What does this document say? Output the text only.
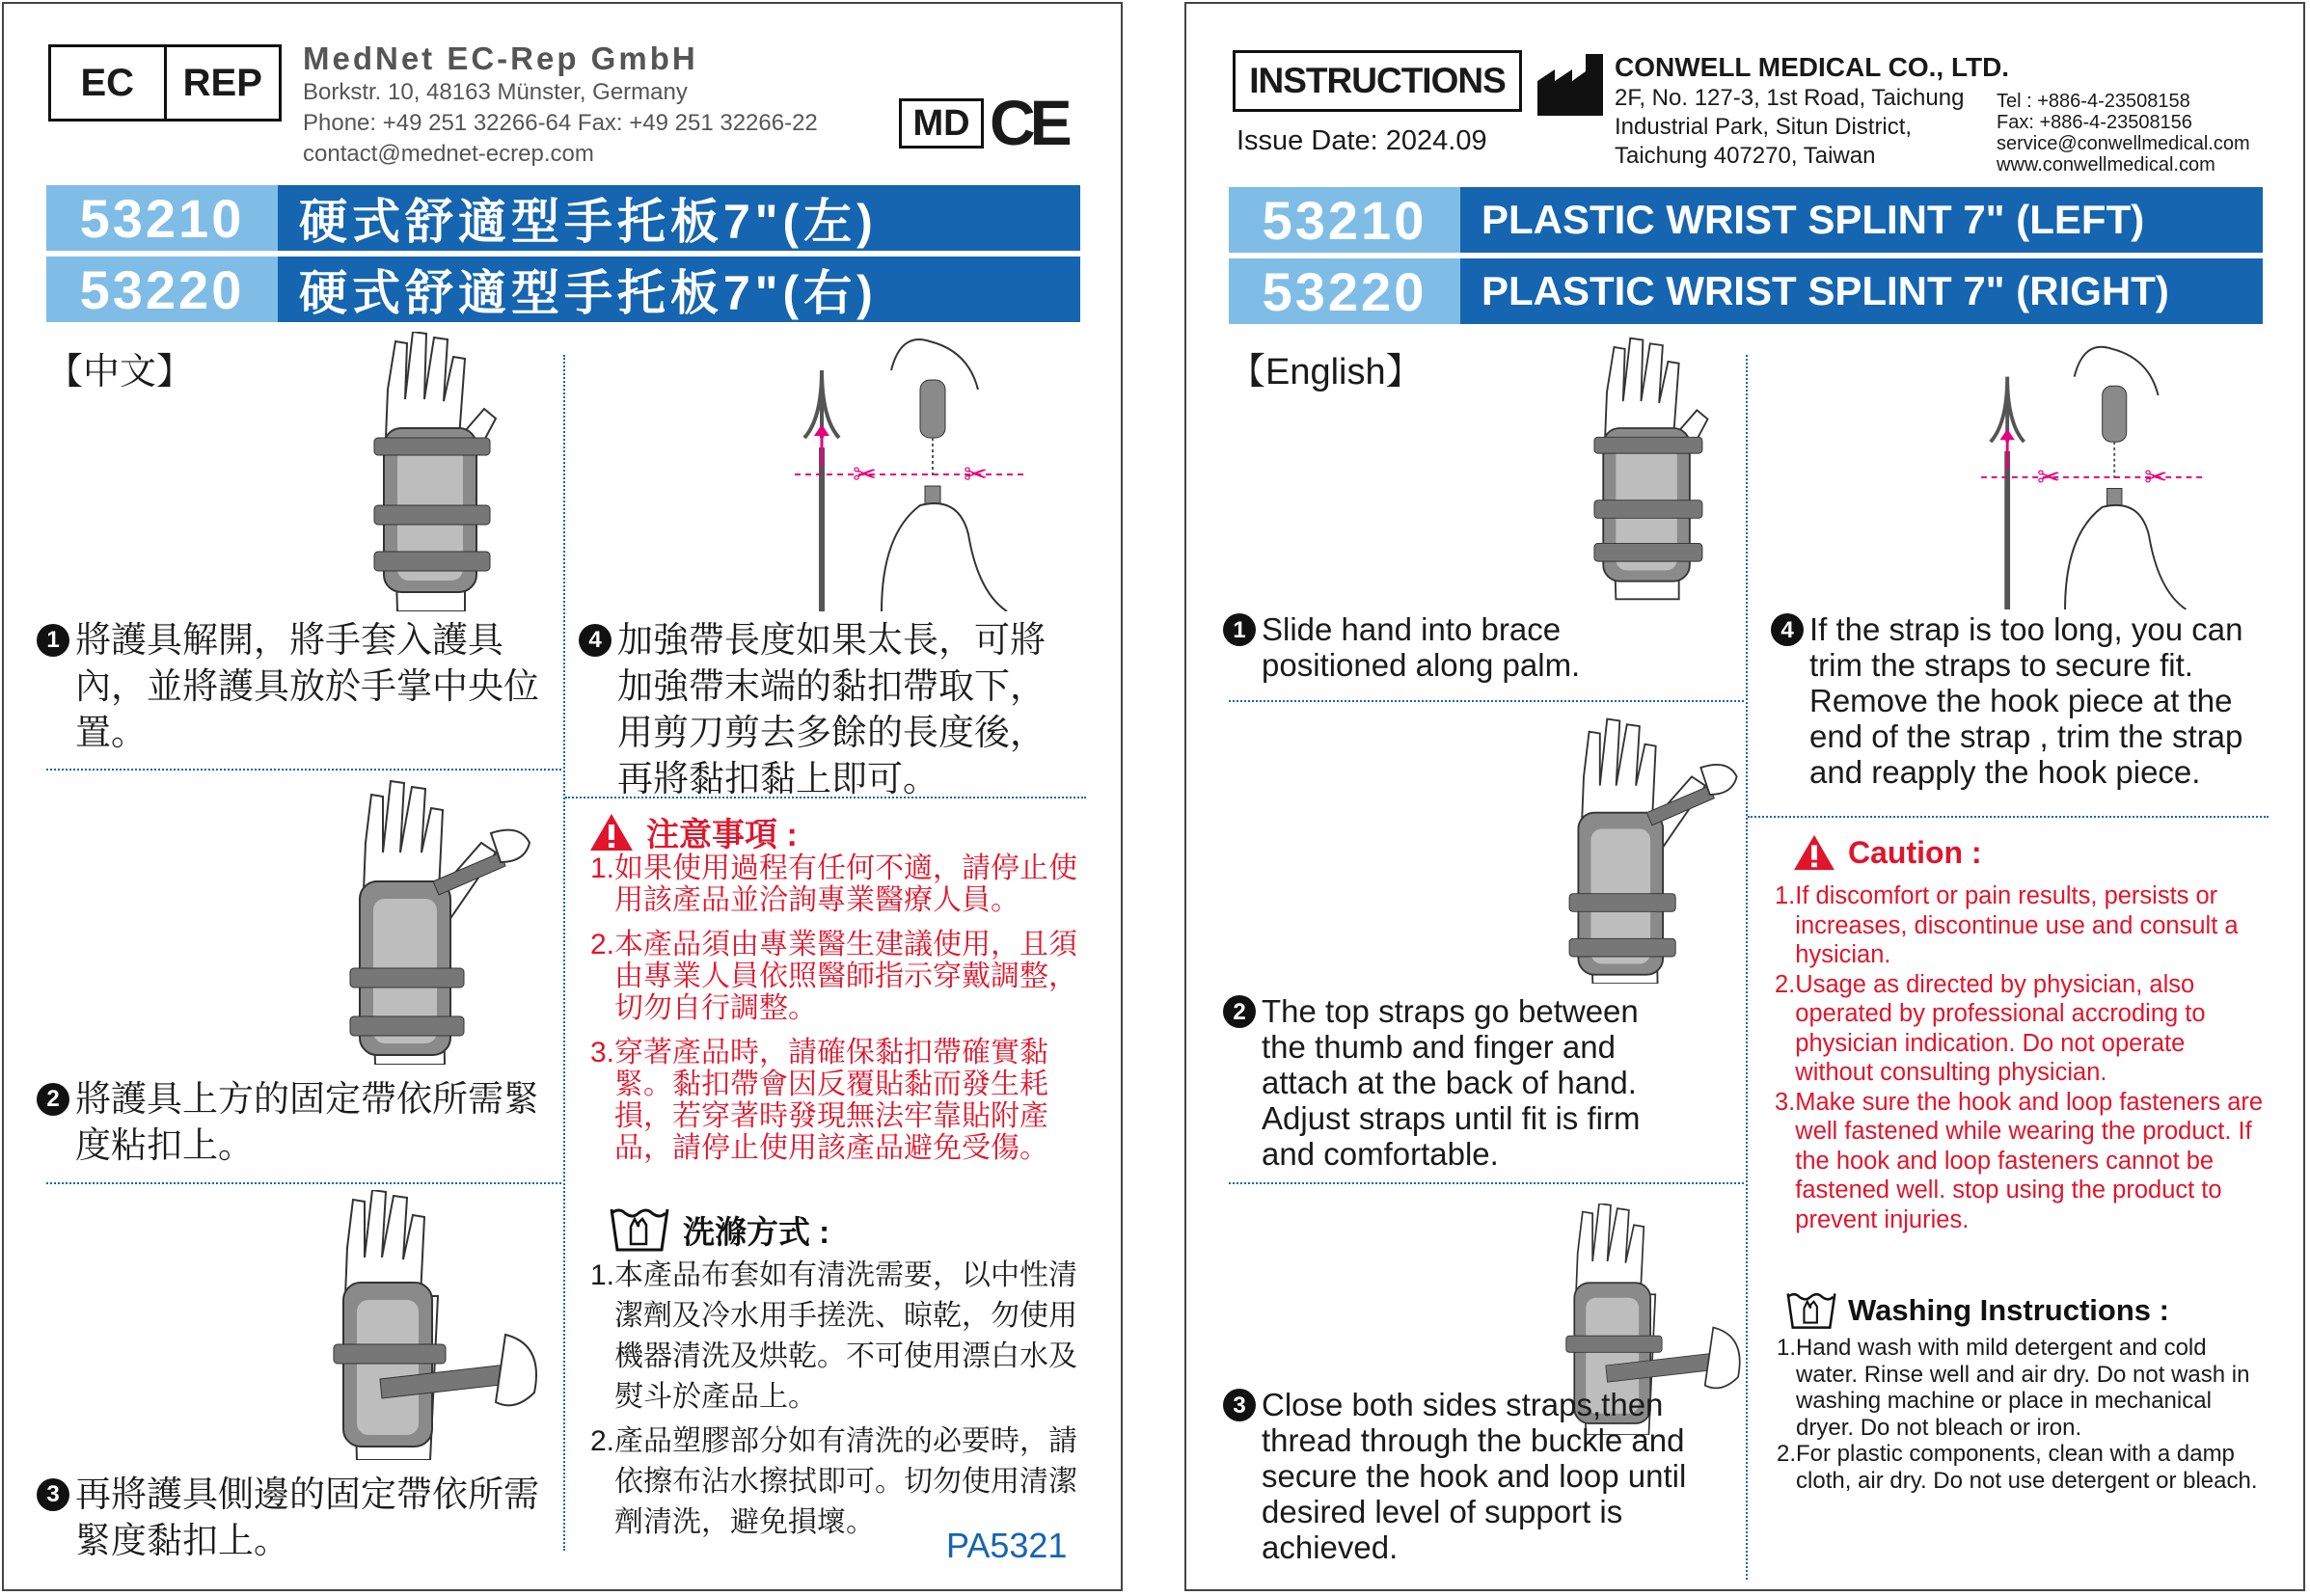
EC	REP
MedNet EC-Rep GmbH
Borkstr. 10, 48163 Münster, Germany
Phone: +49 251 32266-64 Fax: +49 251 32266-22
contact@mednet-ecrep.com
MD CE
53210	硬式舒適型手托板7"(左)
53220	硬式舒適型手托板7"(右)
【中文】
✂	✂
1 將護具解開，將手套入護具內，並將護具放於手掌中央位置。

2 將護具上方的固定帶依所需緊度粘扣上。

3 再將護具側邊的固定帶依所需緊度黏扣上。

4 加強帶長度如果太長，可將加強帶末端的黏扣帶取下，用剪刀剪去多餘的長度後，再將黏扣黏上即可。

注意事項 :
1. 如果使用過程有任何不適，請停止使用該產品並洽詢專業醫療人員。
2. 本產品須由專業醫生建議使用，且須由專業人員依照醫師指示穿戴調整，切勿自行調整。
3. 穿著產品時，請確保黏扣帶確實黏緊。黏扣帶會因反覆貼黏而發生耗損，若穿著時發現無法牢靠貼附產品，請停止使用該產品避免受傷。
洗滌方式 :
1. 本產品布套如有清洗需要，以中性清潔劑及冷水用手搓洗、晾乾，勿使用機器清洗及烘乾。不可使用漂白水及熨斗於產品上。
2. 產品塑膠部分如有清洗的必要時，請依擦布沾水擦拭即可。切勿使用清潔劑清洗，避免損壞。
PA5321
INSTRUCTIONS
Issue Date: 2024.09
CONWELL MEDICAL CO., LTD.
2F, No. 127-3, 1st Road, Taichung
Industrial Park, Situn District,
Taichung 407270, Taiwan
Tel : +886-4-23508158
Fax: +886-4-23508156
service@conwellmedical.com
www.conwellmedical.com
53210	PLASTIC WRIST SPLINT 7" (LEFT)
53220	PLASTIC WRIST SPLINT 7" (RIGHT)
【English】
✂	✂
1 Slide hand into brace positioned along palm.

2 The top straps go between the thumb and finger and attach at the back of hand. Adjust straps until fit is firm and comfortable.

3 Close both sides straps,then thread through the buckle and secure the hook and loop until desired level of support is achieved.

4 If the strap is too long, you can trim the straps to secure fit. Remove the hook piece at the end of the strap , trim the strap and reapply the hook piece.

Caution :
1. If discomfort or pain results, persists or increases, discontinue use and consult a hysician.
2. Usage as directed by physician, also operated by professional accroding to physician indication. Do not operate without consulting physician.
3. Make sure the hook and loop fasteners are well fastened while wearing the product. If the hook and loop fasteners cannot be fastened well. stop using the product to prevent injuries.
Washing Instructions :
1. Hand wash with mild detergent and cold water. Rinse well and air dry. Do not wash in washing machine or place in mechanical dryer. Do not bleach or iron.
2. For plastic components, clean with a damp cloth, air dry. Do not use detergent or bleach.
